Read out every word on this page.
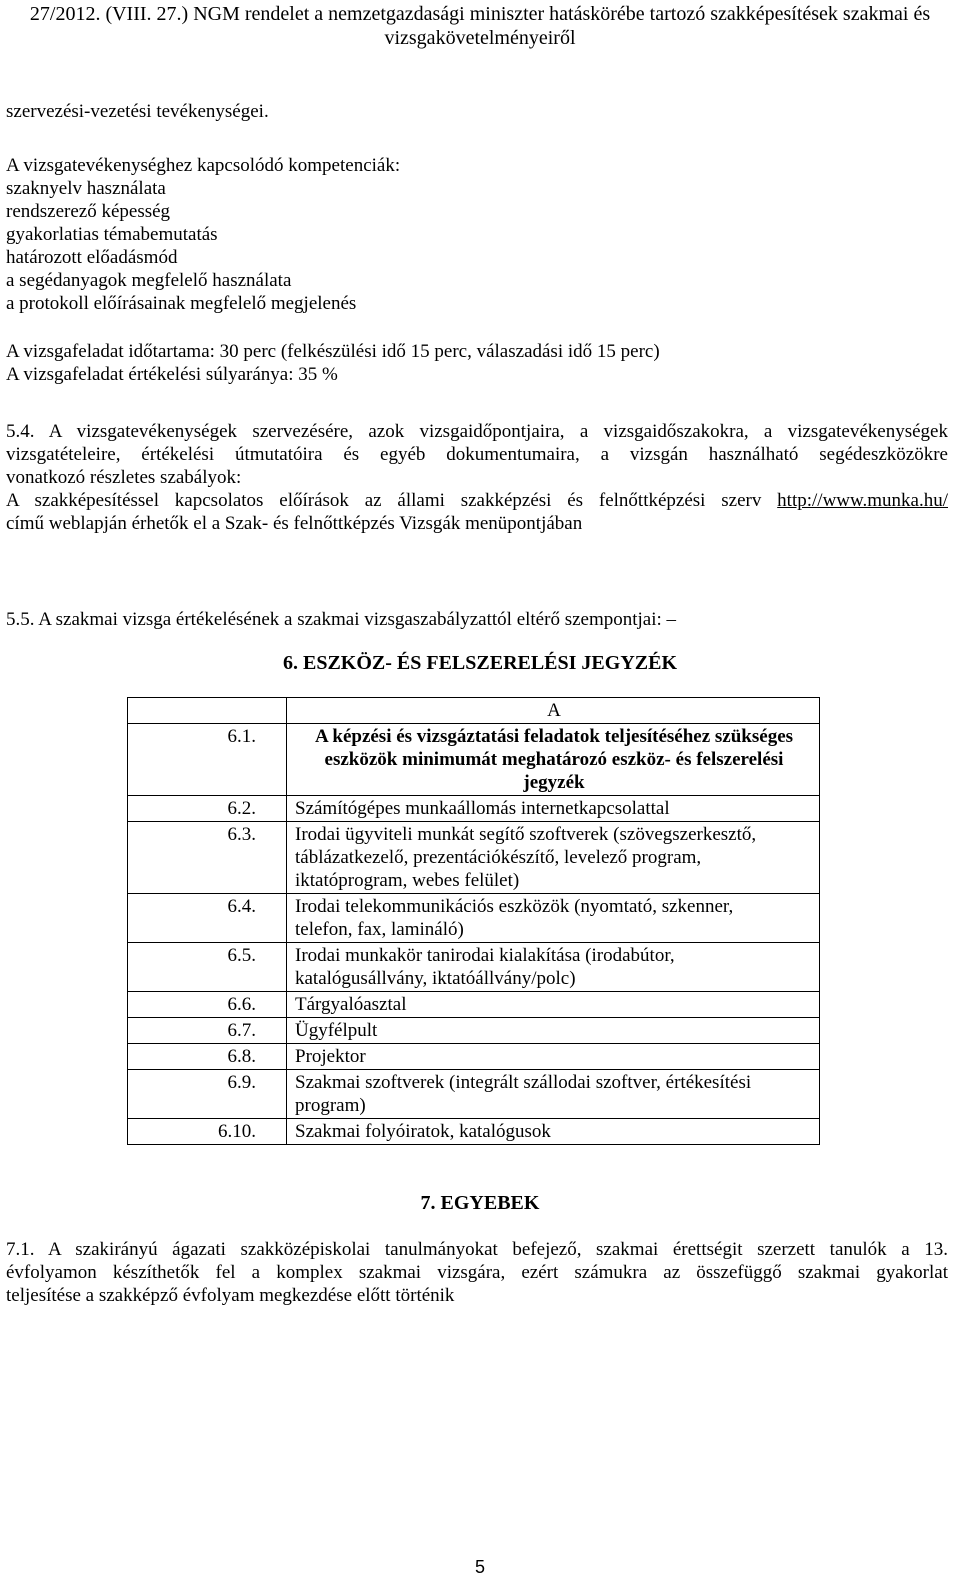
27/2012. (VIII. 27.) NGM rendelet a nemzetgazdasági miniszter hatáskörébe tartozó szakképesítések szakmai és
vizsgakövetelményeiről
szervezési-vezetési tevékenységei.
A vizsgatevékenységhez kapcsolódó kompetenciák:
szaknyelv használata
rendszerező képesség
gyakorlatias témabemutatás
határozott előadásmód
a segédanyagok megfelelő használata
a protokoll előírásainak megfelelő megjelenés
A vizsgafeladat időtartama: 30 perc (felkészülési idő 15 perc, válaszadási idő 15 perc)
A vizsgafeladat értékelési súlyaránya: 35 %
5.4. A vizsgatevékenységek szervezésére, azok vizsgaidőpontjaira, a vizsgaidőszakokra, a vizsgatevékenységek
vizsgatételeire, értékelési útmutatóira és egyéb dokumentumaira, a vizsgán használható segédeszközökre
vonatkozó részletes szabályok:
A szakképesítéssel kapcsolatos előírások az állami szakképzési és felnőttképzési szerv http://www.munka.hu/
című weblapján érhetők el a Szak- és felnőttképzés Vizsgák menüpontjában
5.5. A szakmai vizsga értékelésének a szakmai vizsgaszabályzattól eltérő szempontjai: –
6. ESZKÖZ- ÉS FELSZERELÉSI JEGYZÉK
	A
6.1.	A képzési és vizsgáztatási feladatok teljesítéséhez szükséges
eszközök minimumát meghatározó eszköz- és felszerelési
jegyzék

6.2.	Számítógépes munkaállomás internetkapcsolattal

6.3.	Irodai ügyviteli munkát segítő szoftverek (szövegszerkesztő,
táblázatkezelő, prezentációkészítő, levelező program,
iktatóprogram, webes felület)

6.4.	Irodai telekommunikációs eszközök (nyomtató, szkenner,
telefon, fax, lamináló)

6.5.	Irodai munkakör tanirodai kialakítása (irodabútor,
katalógusállvány, iktatóállvány/polc)

6.6.	Tárgyalóasztal

6.7.	Ügyfélpult

6.8.	Projektor

6.9.	Szakmai szoftverek (integrált szállodai szoftver, értékesítési
program)

6.10.	Szakmai folyóiratok, katalógusok
7. EGYEBEK
7.1. A szakirányú ágazati szakközépiskolai tanulmányokat befejező, szakmai érettségit szerzett tanulók a 13.
évfolyamon készíthetők fel a komplex szakmai vizsgára, ezért számukra az összefüggő szakmai gyakorlat
teljesítése a szakképző évfolyam megkezdése előtt történik
5
